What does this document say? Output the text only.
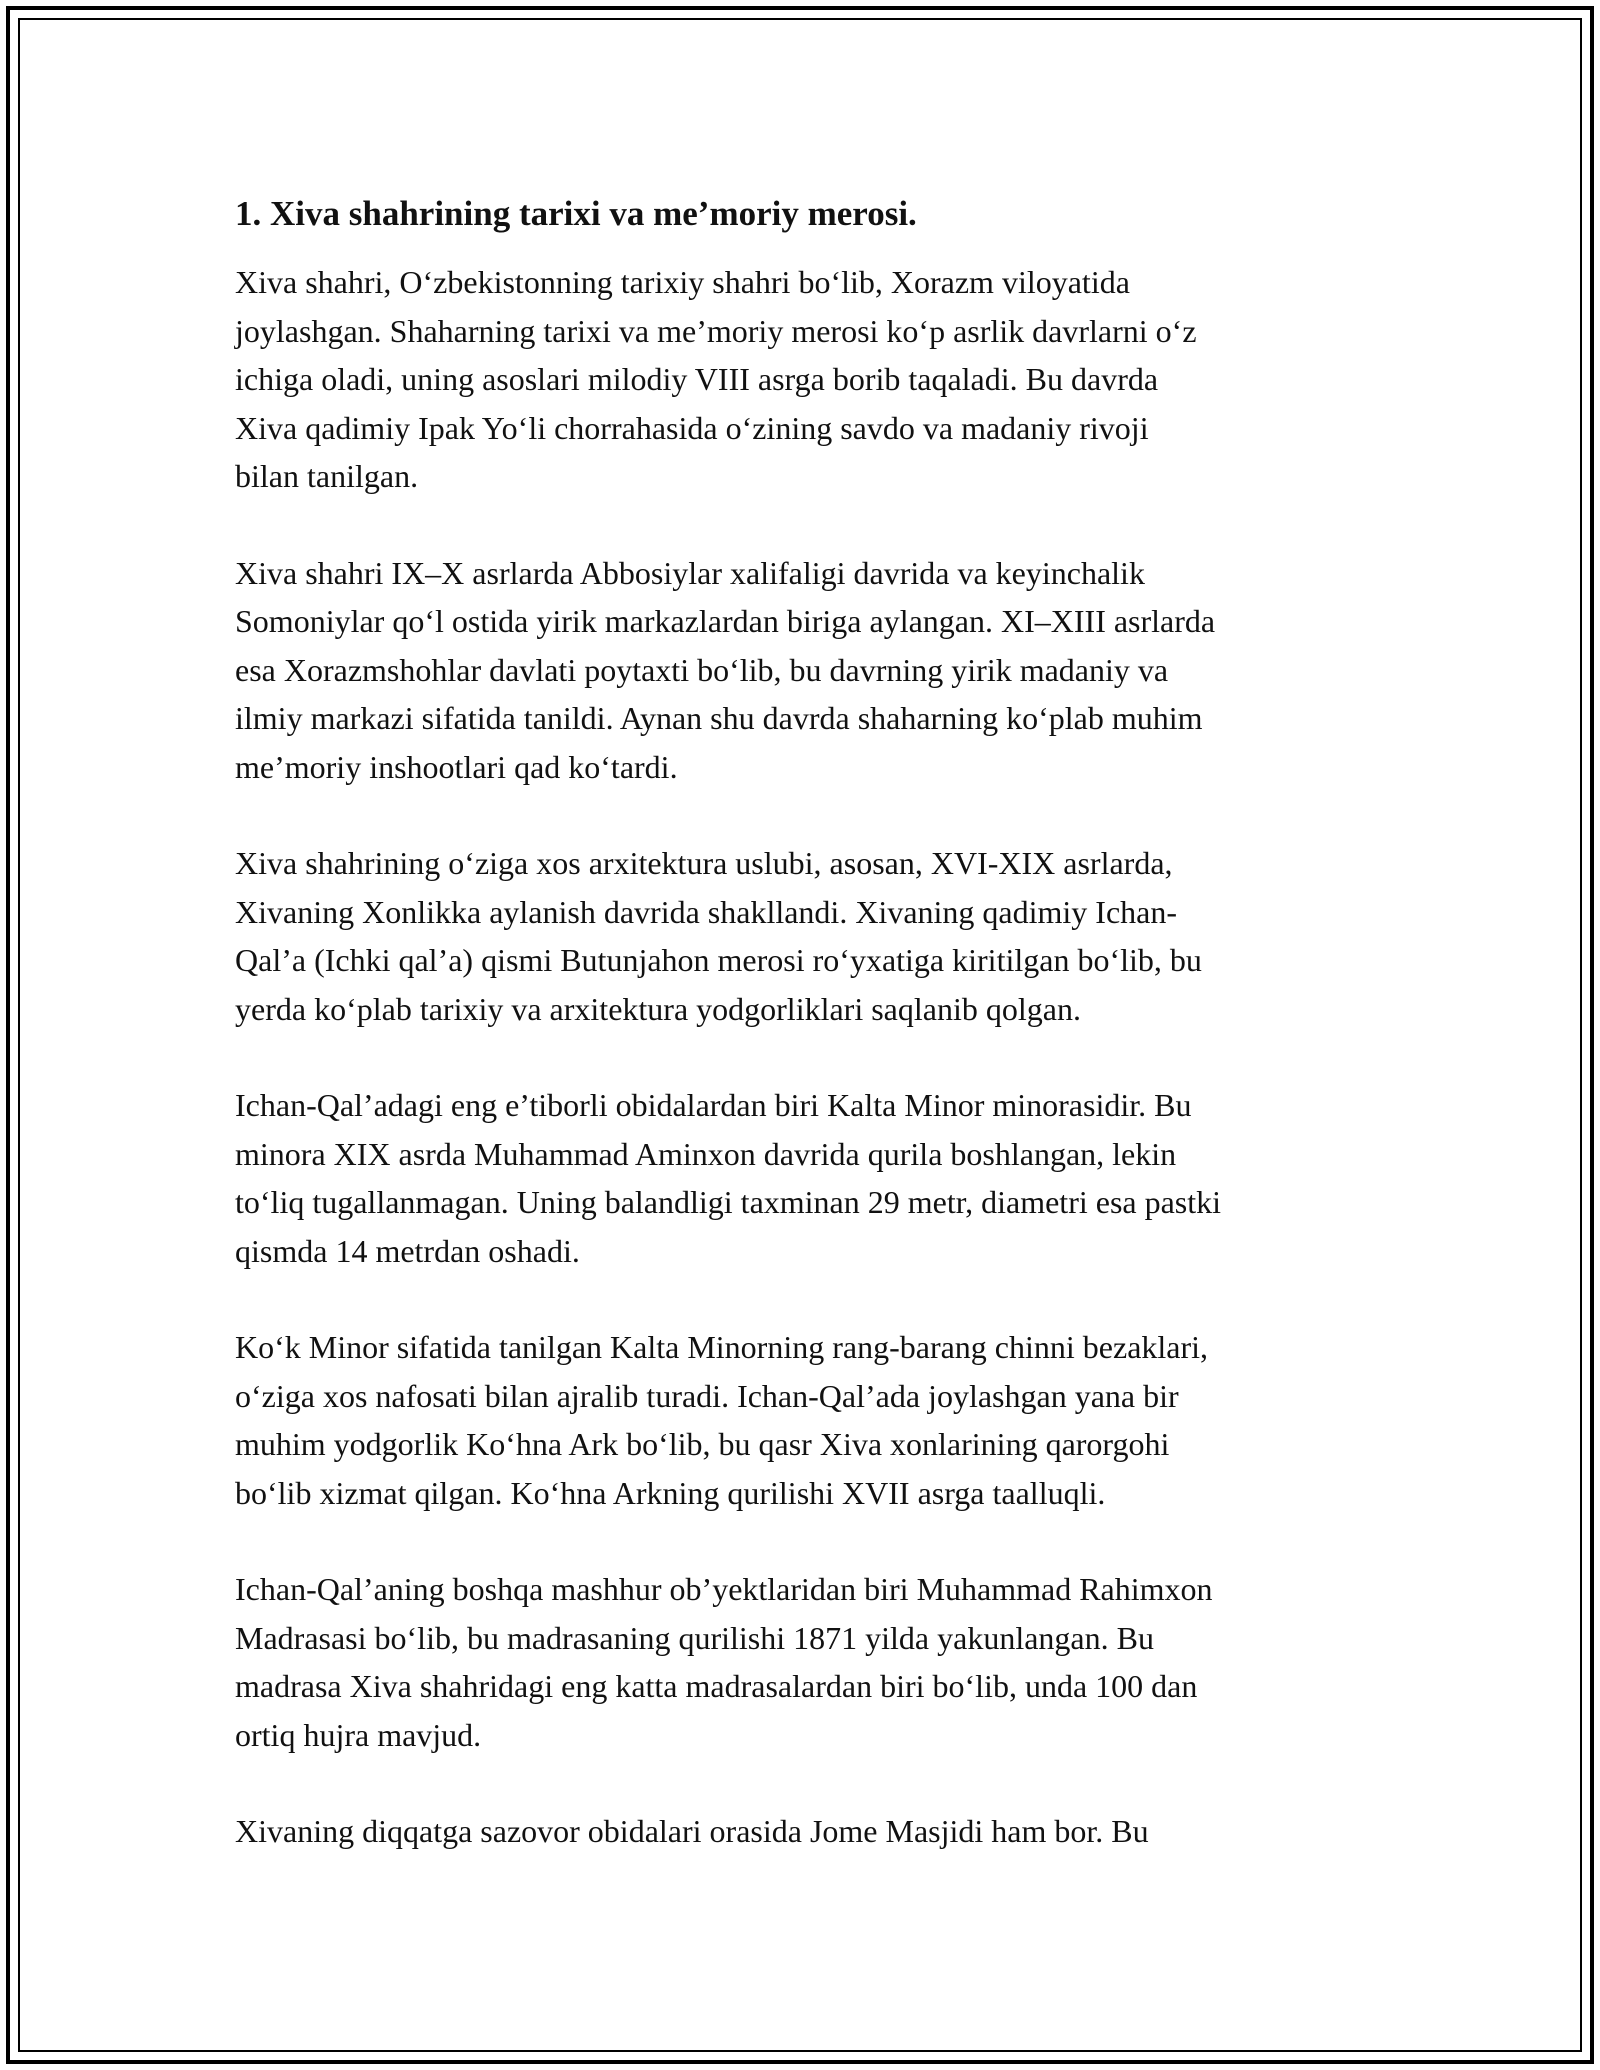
1. Xiva shahrining tarixi va me’moriy merosi.
Xiva shahri, O‘zbekistonning tarixiy shahri bo‘lib, Xorazm viloyatida
joylashgan. Shaharning tarixi va me’moriy merosi ko‘p asrlik davrlarni o‘z
ichiga oladi, uning asoslari milodiy VIII asrga borib taqaladi. Bu davrda
Xiva qadimiy Ipak Yo‘li chorrahasida o‘zining savdo va madaniy rivoji
bilan tanilgan.
Xiva shahri IX–X asrlarda Abbosiylar xalifaligi davrida va keyinchalik
Somoniylar qo‘l ostida yirik markazlardan biriga aylangan. XI–XIII asrlarda
esa Xorazmshohlar davlati poytaxti bo‘lib, bu davrning yirik madaniy va
ilmiy markazi sifatida tanildi. Aynan shu davrda shaharning ko‘plab muhim
me’moriy inshootlari qad ko‘tardi.
Xiva shahrining o‘ziga xos arxitektura uslubi, asosan, XVI-XIX asrlarda,
Xivaning Xonlikka aylanish davrida shakllandi. Xivaning qadimiy Ichan-
Qal’a (Ichki qal’a) qismi Butunjahon merosi ro‘yxatiga kiritilgan bo‘lib, bu
yerda ko‘plab tarixiy va arxitektura yodgorliklari saqlanib qolgan.
Ichan-Qal’adagi eng e’tiborli obidalardan biri Kalta Minor minorasidir. Bu
minora XIX asrda Muhammad Aminxon davrida qurila boshlangan, lekin
to‘liq tugallanmagan. Uning balandligi taxminan 29 metr, diametri esa pastki
qismda 14 metrdan oshadi.
Ko‘k Minor sifatida tanilgan Kalta Minorning rang-barang chinni bezaklari,
o‘ziga xos nafosati bilan ajralib turadi. Ichan-Qal’ada joylashgan yana bir
muhim yodgorlik Ko‘hna Ark bo‘lib, bu qasr Xiva xonlarining qarorgohi
bo‘lib xizmat qilgan. Ko‘hna Arkning qurilishi XVII asrga taalluqli.
Ichan-Qal’aning boshqa mashhur ob’yektlaridan biri Muhammad Rahimxon
Madrasasi bo‘lib, bu madrasaning qurilishi 1871 yilda yakunlangan. Bu
madrasa Xiva shahridagi eng katta madrasalardan biri bo‘lib, unda 100 dan
ortiq hujra mavjud.
Xivaning diqqatga sazovor obidalari orasida Jome Masjidi ham bor. Bu
